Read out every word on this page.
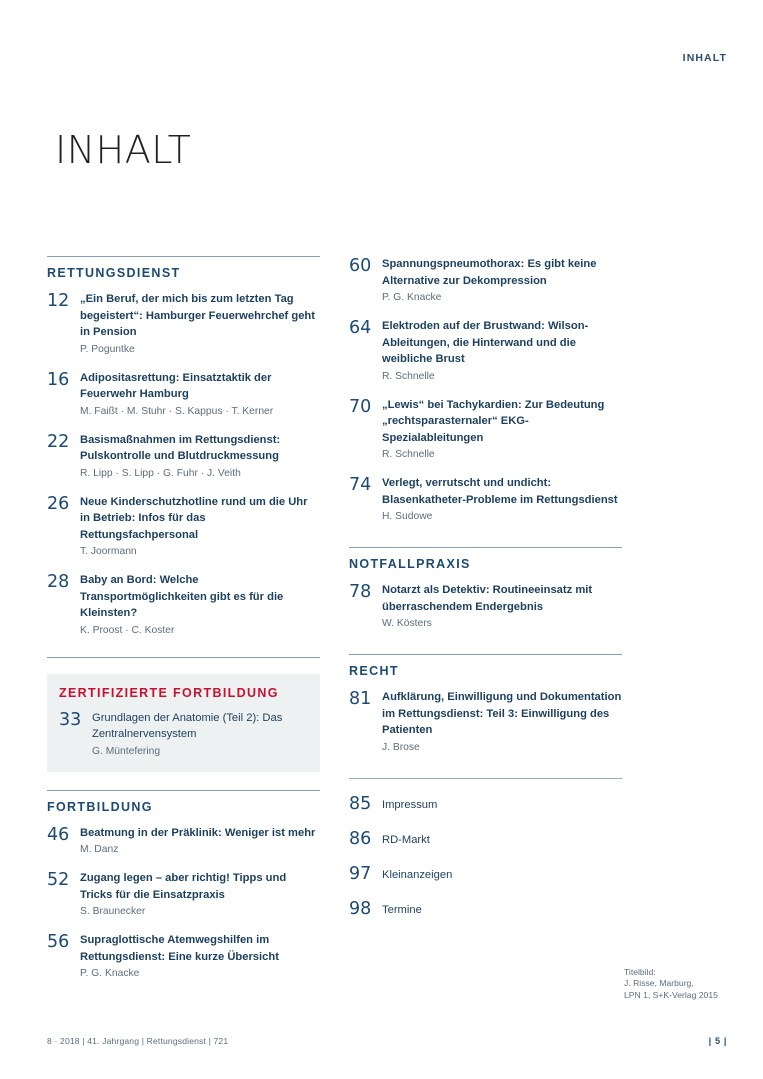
INHALT
INHALT
RETTUNGSDIENST
12 „Ein Beruf, der mich bis zum letzten Tag begeistert“: Hamburger Feuerwehrchef geht in Pension

P. Poguntke

16 Adipositasrettung: Einsatztaktik der Feuerwehr Hamburg

M. Faißt · M. Stuhr · S. Kappus · T. Kerner

22 Basismaßnahmen im Rettungsdienst: Pulskontrolle und Blutdruckmessung

R. Lipp · S. Lipp · G. Fuhr · J. Veith

26 Neue Kinderschutzhotline rund um die Uhr in Betrieb: Infos für das Rettungsfachpersonal

T. Joormann

28 Baby an Bord: Welche Transportmöglichkeiten gibt es für die Kleinsten?

K. Proost · C. Koster

ZERTIFIZIERTE FORTBILDUNG
33 Grundlagen der Anatomie (Teil 2): Das Zentralnervensystem

G. Müntefering

FORTBILDUNG
46 Beatmung in der Präklinik: Weniger ist mehr

M. Danz

52 Zugang legen – aber richtig! Tipps und Tricks für die Einsatzpraxis

S. Braunecker

56 Supraglottische Atemwegshilfen im Rettungsdienst: Eine kurze Übersicht

P. G. Knacke

60 Spannungspneumothorax: Es gibt keine Alternative zur Dekompression

P. G. Knacke

64 Elektroden auf der Brustwand: Wilson-Ableitungen, die Hinterwand und die weibliche Brust

R. Schnelle

70 „Lewis“ bei Tachykardien: Zur Bedeutung „rechtsparasternaler“ EKG-Spezialableitungen

R. Schnelle

74 Verlegt, verrutscht und undicht: Blasenkatheter-Probleme im Rettungsdienst

H. Sudowe

NOTFALLPRAXIS
78 Notarzt als Detektiv: Routineeinsatz mit überraschendem Endergebnis

W. Kösters

RECHT
81 Aufklärung, Einwilligung und Dokumentation im Rettungsdienst: Teil 3: Einwilligung des Patienten

J. Brose

85 Impressum

86 RD-Markt

97 Kleinanzeigen

98 Termine

Titelbild:
J. Risse, Marburg,
LPN 1, S+K-Verlag 2015
8 · 2018 | 41. Jahrgang | Rettungsdienst | 721	| 5 |
